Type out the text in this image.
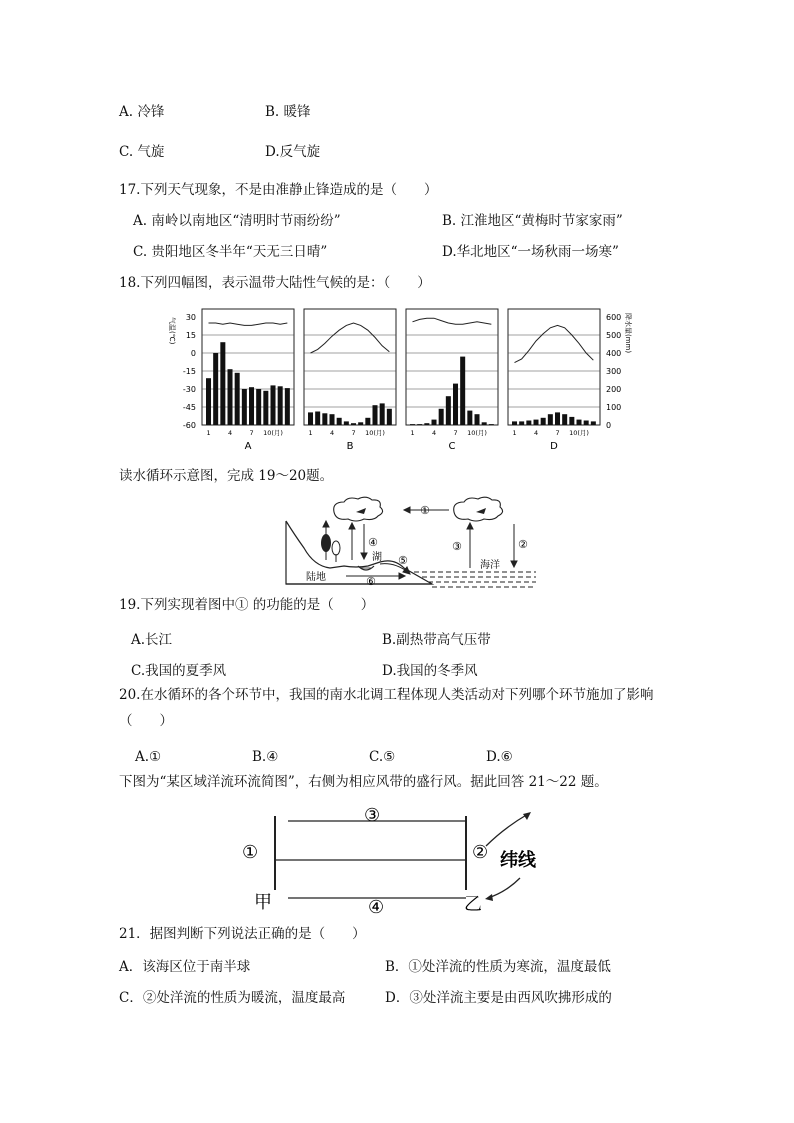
A. 冷锋	B. 暖锋
C. 气旋	D.反气旋
17.下列天气现象，不是由准静止锋造成的是（　　）
A. 南岭以南地区“清明时节雨纷纷”	B. 江淮地区“黄梅时节家家雨”
C. 贵阳地区冬半年“天无三日晴”	D.华北地区“一场秋雨一场寒”
18.下列四幅图，表示温带大陆性气候的是：（　　）
气温(℃)	降水量(mm)
30
15
0
-15
-30
-45
-60
600
500
400
300
200
100
0
1	4	7 10(月)
A
1	4	7 10(月)
B
1	4	7 10(月)
C
1	4	7 10(月)
D
读水循环示意图，完成 19～20题。
①
②
③
④
⑤
⑥
湖
陆地
海洋
19.下列实现着图中① 的功能的是（　　）
A.长江	B.副热带高气压带
C.我国的夏季风	D.我国的冬季风
20.在水循环的各个环节中，我国的南水北调工程体现人类活动对下列哪个环节施加了影响
（　　）
A.①	B.④	C.⑤	D.⑥
下图为“某区域洋流环流简图”，右侧为相应风带的盛行风。据此回答 21～22 题。
③
①	②
④
甲	乙
纬线
21．据图判断下列说法正确的是（　　）
A．该海区位于南半球	B．①处洋流的性质为寒流，温度最低
C．②处洋流的性质为暖流，温度最高	D．③处洋流主要是由西风吹拂形成的
